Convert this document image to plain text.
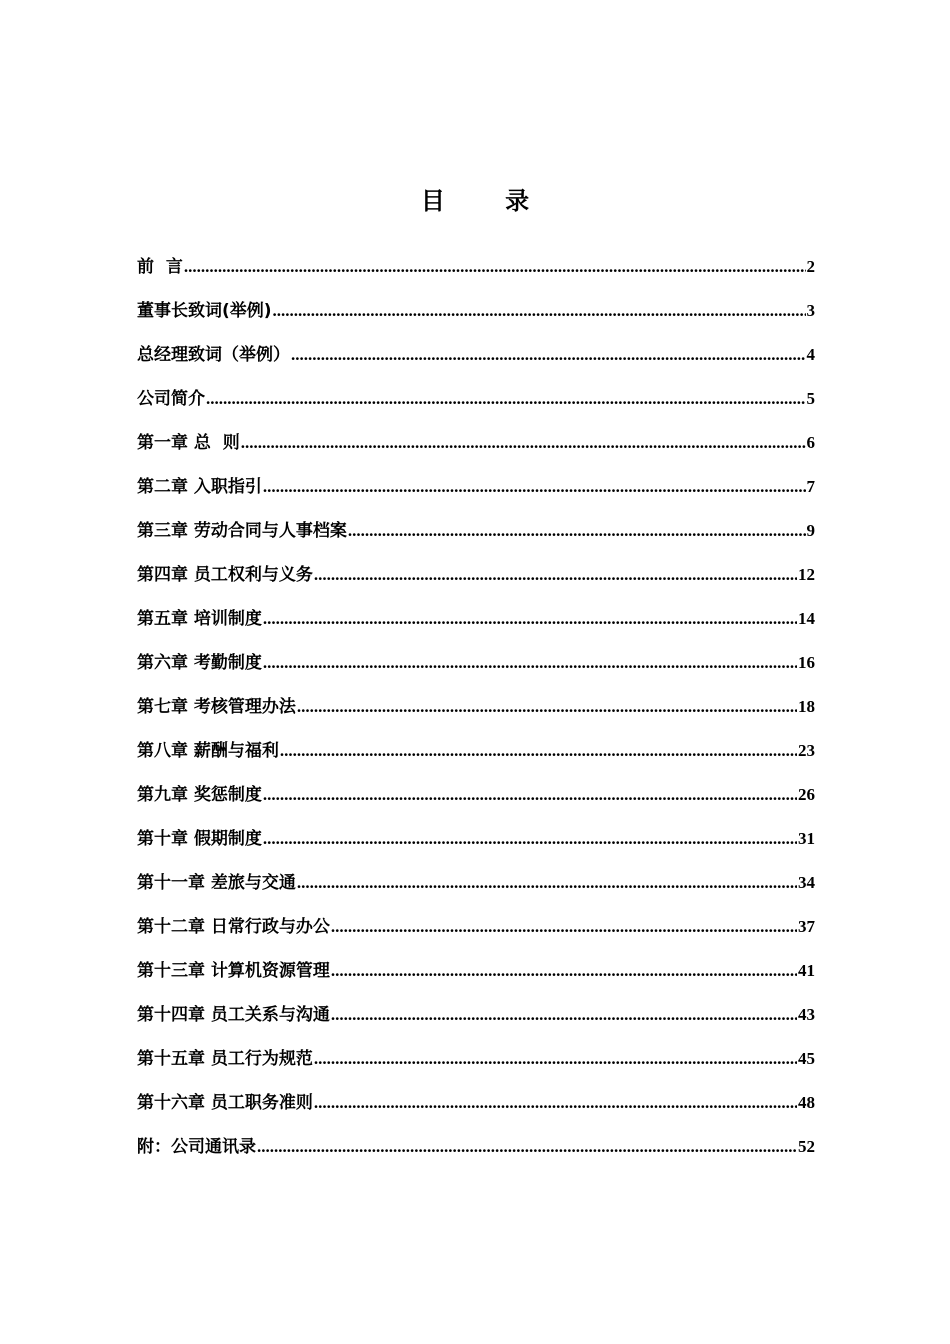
目 录
前  言 .....	2
董事长致词(举例) .....	3
总经理致词（举例） .....	4
公司简介 .....	5
第一章 总  则 .....	6
第二章 入职指引 .....	7
第三章 劳动合同与人事档案 .....	9
第四章 员工权利与义务 .....	12
第五章 培训制度 .....	14
第六章 考勤制度 .....	16
第七章 考核管理办法 .....	18
第八章 薪酬与福利 .....	23
第九章 奖惩制度 .....	26
第十章 假期制度 .....	31
第十一章 差旅与交通 .....	34
第十二章 日常行政与办公 .....	37
第十三章 计算机资源管理 .....	41
第十四章 员工关系与沟通 .....	43
第十五章 员工行为规范 .....	45
第十六章 员工职务准则 .....	48
附：公司通讯录 .....	52
